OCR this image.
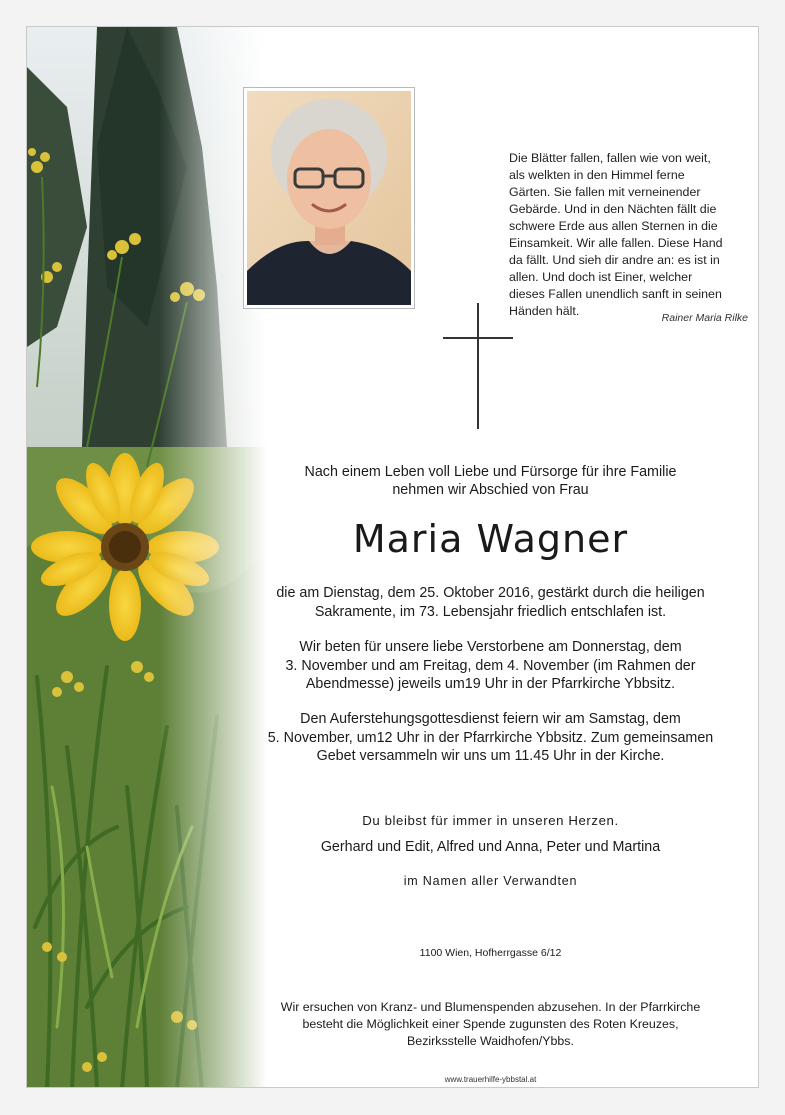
Die Blätter fallen, fallen wie von weit,
als welkten in den Himmel ferne
Gärten. Sie fallen mit verneinender
Gebärde. Und in den Nächten fällt die
schwere Erde aus allen Sternen in die
Einsamkeit. Wir alle fallen. Diese Hand
da fällt. Und sieh dir andre an: es ist in
allen. Und doch ist Einer, welcher
dieses Fallen unendlich sanft in seinen
Händen hält.	Rainer Maria Rilke
Nach einem Leben voll Liebe und Fürsorge für ihre Familie
nehmen wir Abschied von Frau
Maria Wagner
die am Dienstag, dem 25. Oktober 2016, gestärkt durch die heiligen
Sakramente, im 73. Lebensjahr friedlich entschlafen ist.
Wir beten für unsere liebe Verstorbene am Donnerstag, dem
3. November und am Freitag, dem 4. November (im Rahmen der
Abendmesse) jeweils um19 Uhr in der Pfarrkirche Ybbsitz.
Den Auferstehungsgottesdienst feiern wir am Samstag, dem
5. November, um12 Uhr in der Pfarrkirche Ybbsitz. Zum gemeinsamen
Gebet versammeln wir uns um 11.45 Uhr in der Kirche.
Du bleibst für immer in unseren Herzen.
Gerhard und Edit, Alfred und Anna, Peter und Martina
im Namen aller Verwandten
1100 Wien, Hofherrgasse 6/12
Wir ersuchen von Kranz- und Blumenspenden abzusehen. In der Pfarrkirche
besteht die Möglichkeit einer Spende zugunsten des Roten Kreuzes,
Bezirksstelle Waidhofen/Ybbs.
www.trauerhilfe-ybbstal.at
